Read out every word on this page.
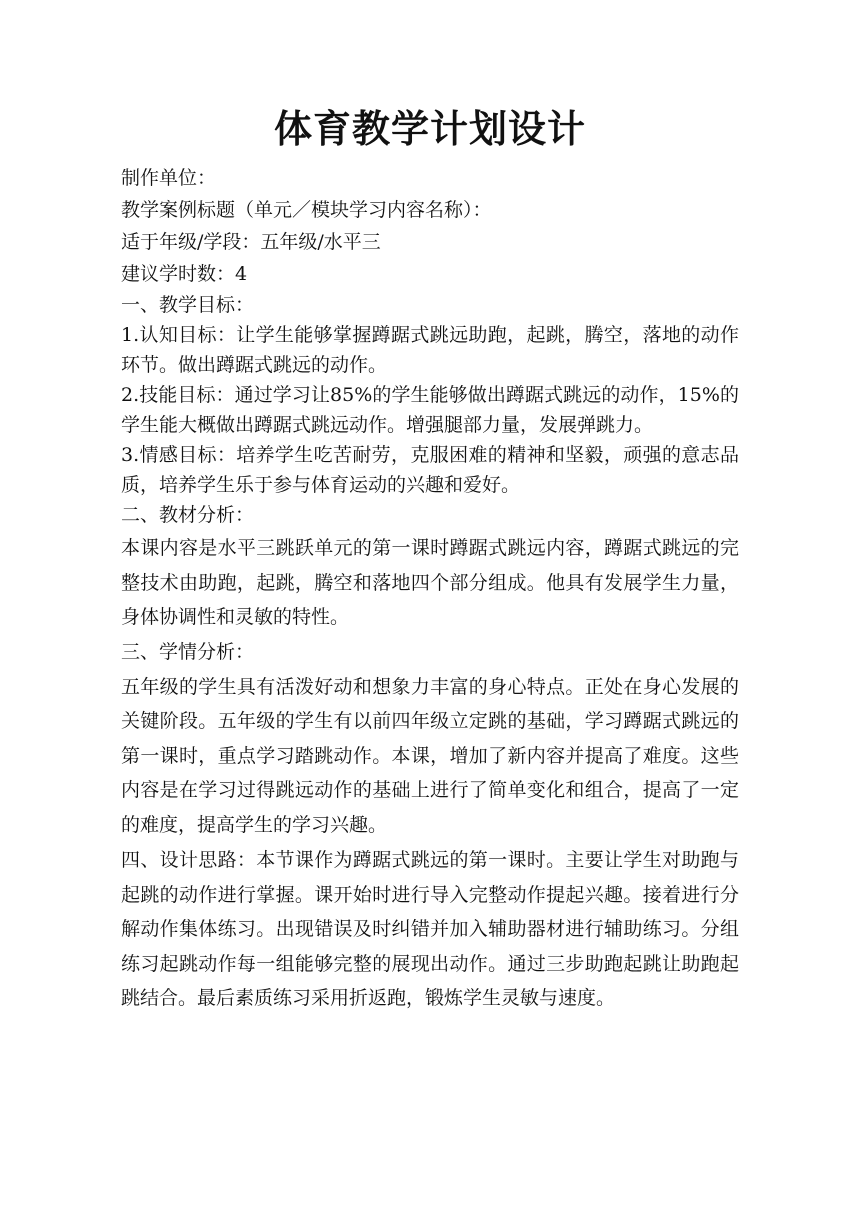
体育教学计划设计
制作单位：
教学案例标题（单元／模块学习内容名称）：
适于年级/学段：五年级/水平三
建议学时数：4
一、教学目标：
1.认知目标：让学生能够掌握蹲踞式跳远助跑，起跳，腾空，落地的动作环节。做出蹲踞式跳远的动作。
2.技能目标：通过学习让85%的学生能够做出蹲踞式跳远的动作，15%的学生能大概做出蹲踞式跳远动作。增强腿部力量，发展弹跳力。
3.情感目标：培养学生吃苦耐劳，克服困难的精神和坚毅，顽强的意志品质，培养学生乐于参与体育运动的兴趣和爱好。
二、教材分析：
本课内容是水平三跳跃单元的第一课时蹲踞式跳远内容，蹲踞式跳远的完整技术由助跑，起跳，腾空和落地四个部分组成。他具有发展学生力量，身体协调性和灵敏的特性。
三、学情分析：
五年级的学生具有活泼好动和想象力丰富的身心特点。正处在身心发展的关键阶段。五年级的学生有以前四年级立定跳的基础，学习蹲踞式跳远的第一课时，重点学习踏跳动作。本课，增加了新内容并提高了难度。这些内容是在学习过得跳远动作的基础上进行了简单变化和组合，提高了一定的难度，提高学生的学习兴趣。
四、设计思路：本节课作为蹲踞式跳远的第一课时。主要让学生对助跑与起跳的动作进行掌握。课开始时进行导入完整动作提起兴趣。接着进行分解动作集体练习。出现错误及时纠错并加入辅助器材进行辅助练习。分组练习起跳动作每一组能够完整的展现出动作。通过三步助跑起跳让助跑起跳结合。最后素质练习采用折返跑，锻炼学生灵敏与速度。
